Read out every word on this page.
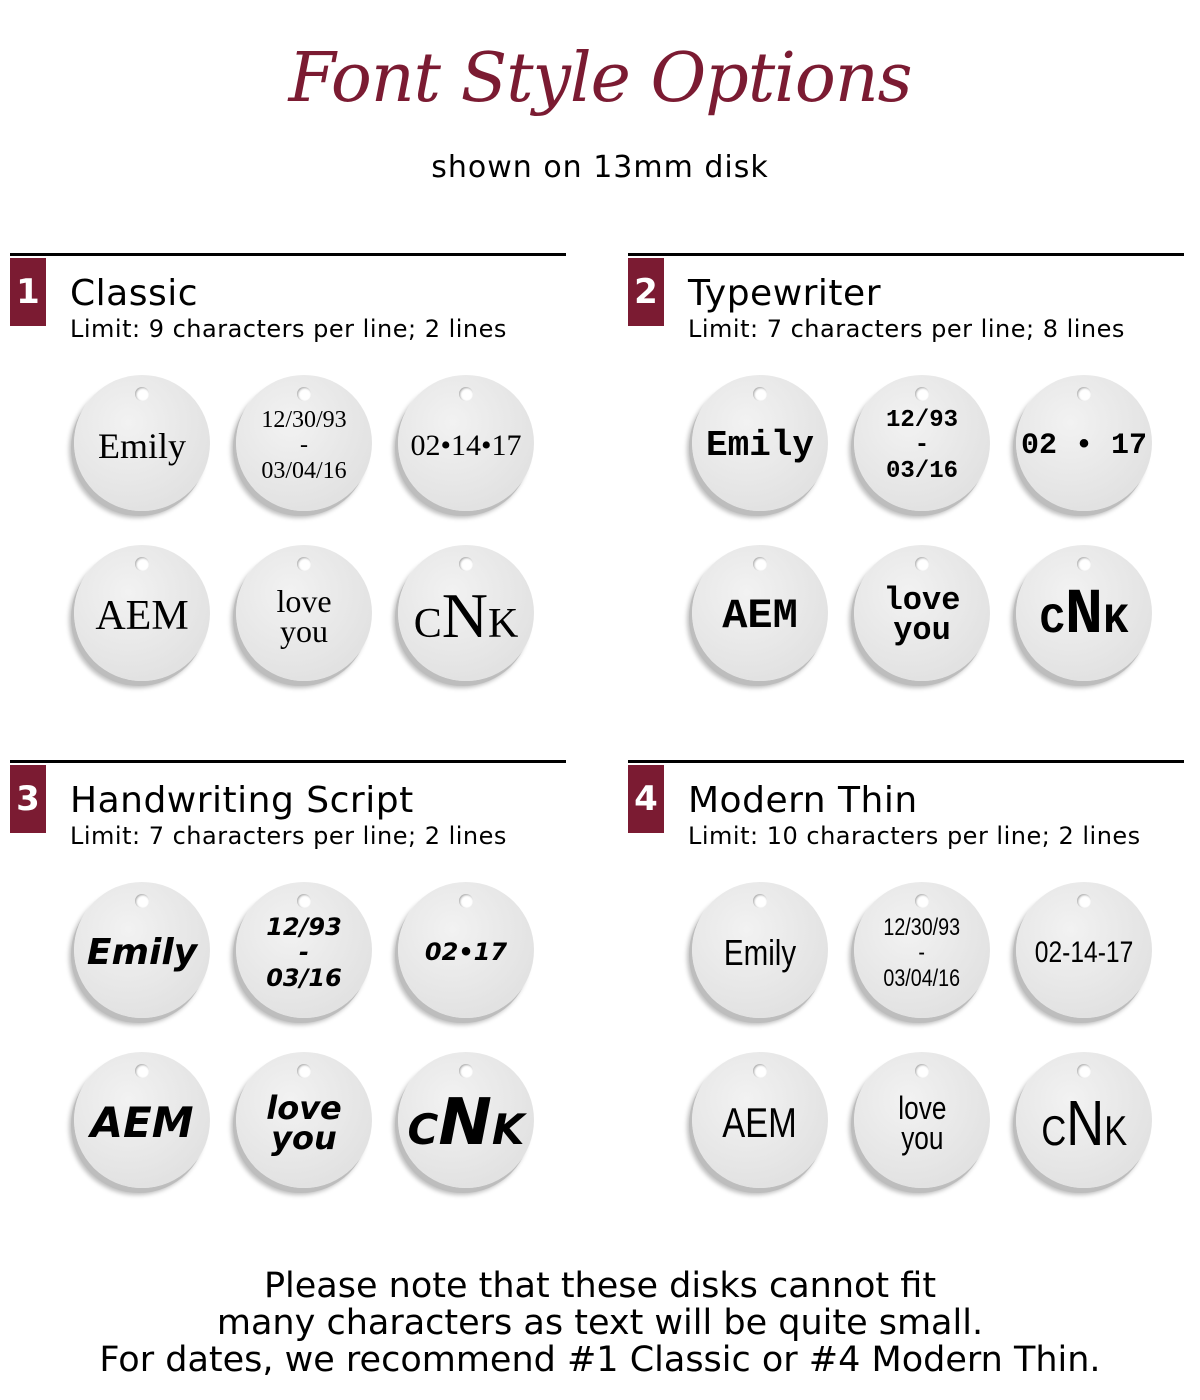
Font Style Options
shown on 13mm disk
1 Classic
Limit: 9 characters per line; 2 lines
Emily
12/30/93
-
03/04/16
02•14•17
AEM	love
you CNK
2 Typewriter
Limit: 7 characters per line; 8 lines
Emily
12/93
-
03/16
02 • 17
AEM	love
you CNK
3 Handwriting Script
Limit: 7 characters per line; 2 lines
Emily
12/93
-
03/16
02•17
AEM love
you CNK
4 Modern Thin
Limit: 10 characters per line; 2 lines
Emily
12/30/93
-
03/04/16
02-14-17
AEM	love
you CNK
Please note that these disks cannot fit
many characters as text will be quite small.
For dates, we recommend #1 Classic or #4 Modern Thin.
